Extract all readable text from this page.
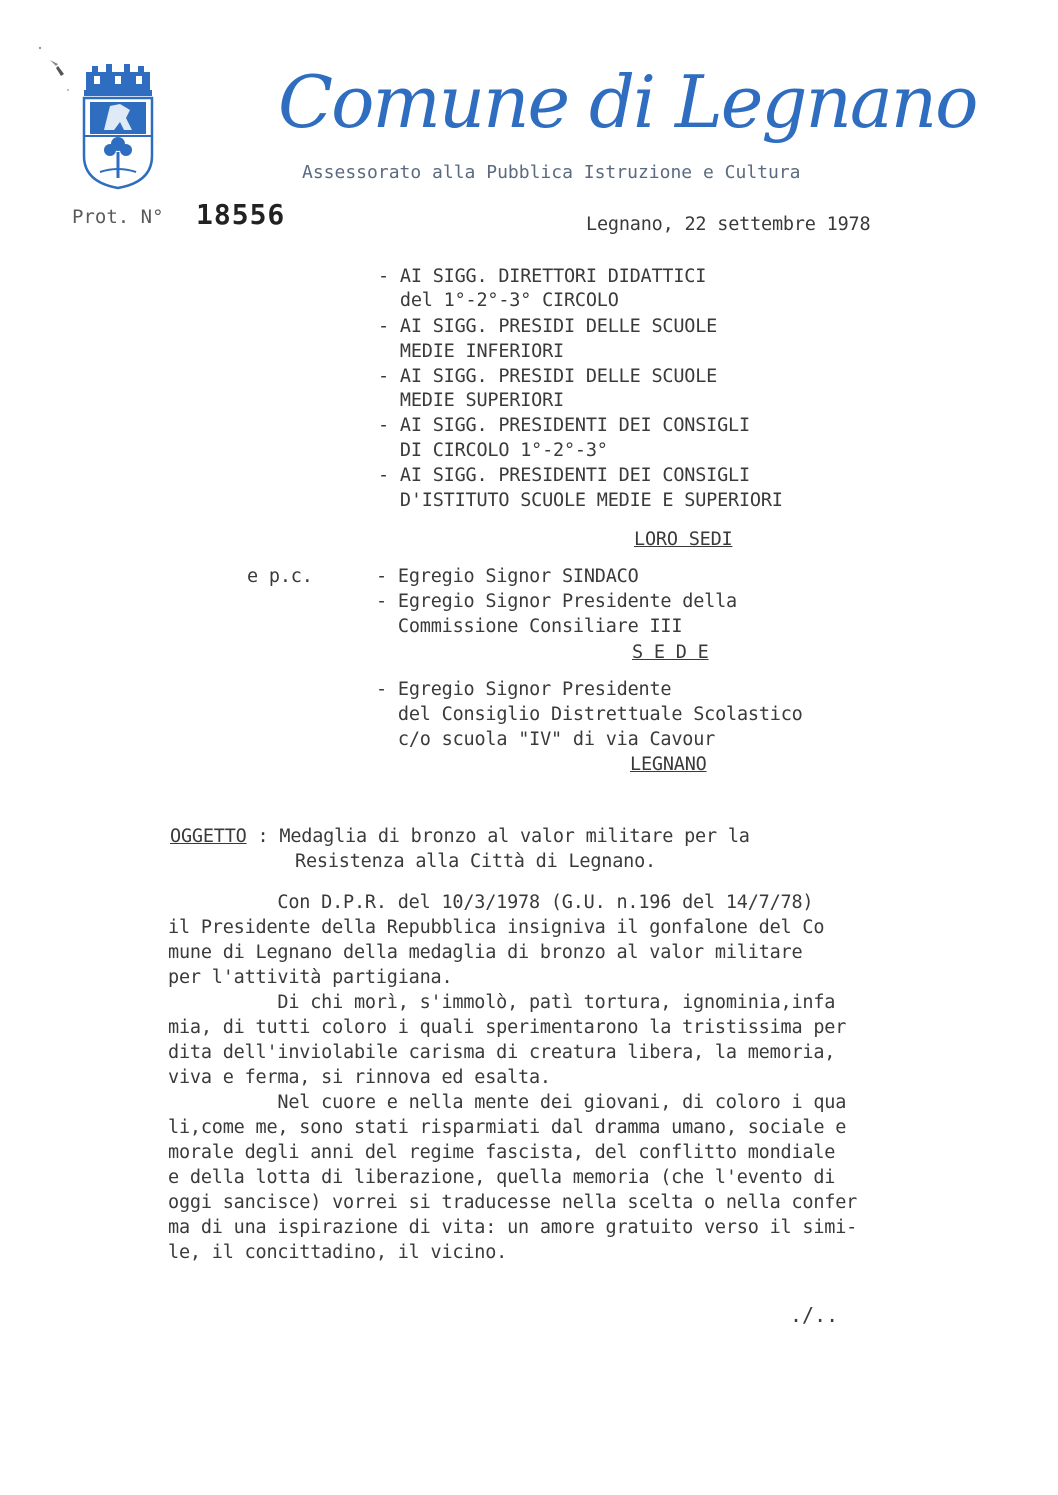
Comune di Legnano
Assessorato alla Pubblica Istruzione e Cultura
Prot. N° 18556	Legnano, 22 settembre 1978
- AI SIGG. DIRETTORI DIDATTICI
del 1°-2°-3° CIRCOLO
- AI SIGG. PRESIDI DELLE SCUOLE
MEDIE INFERIORI
- AI SIGG. PRESIDI DELLE SCUOLE
MEDIE SUPERIORI
- AI SIGG. PRESIDENTI DEI CONSIGLI
DI CIRCOLO 1°-2°-3°
- AI SIGG. PRESIDENTI DEI CONSIGLI
D'ISTITUTO SCUOLE MEDIE E SUPERIORI
LORO SEDI
e p.c.	- Egregio Signor SINDACO
- Egregio Signor Presidente della
Commissione Consiliare III
S E D E
- Egregio Signor Presidente
del Consiglio Distrettuale Scolastico
c/o scuola "IV" di via Cavour
LEGNANO
OGGETTO : Medaglia di bronzo al valor militare per la
Resistenza alla Città di Legnano.
Con D.P.R. del 10/3/1978 (G.U. n.196 del 14/7/78)
il Presidente della Repubblica insigniva il gonfalone del Co
mune di Legnano della medaglia di bronzo al valor militare
per l'attività partigiana.
Di chi morì, s'immolò, patì tortura, ignominia,infa
mia, di tutti coloro i quali sperimentarono la tristissima per
dita dell'inviolabile carisma di creatura libera, la memoria,
viva e ferma, si rinnova ed esalta.
Nel cuore e nella mente dei giovani, di coloro i qua
li,come me, sono stati risparmiati dal dramma umano, sociale e
morale degli anni del regime fascista, del conflitto mondiale
e della lotta di liberazione, quella memoria (che l'evento di
oggi sancisce) vorrei si traducesse nella scelta o nella confer
ma di una ispirazione di vita: un amore gratuito verso il simi-
le, il concittadino, il vicino.
./..
